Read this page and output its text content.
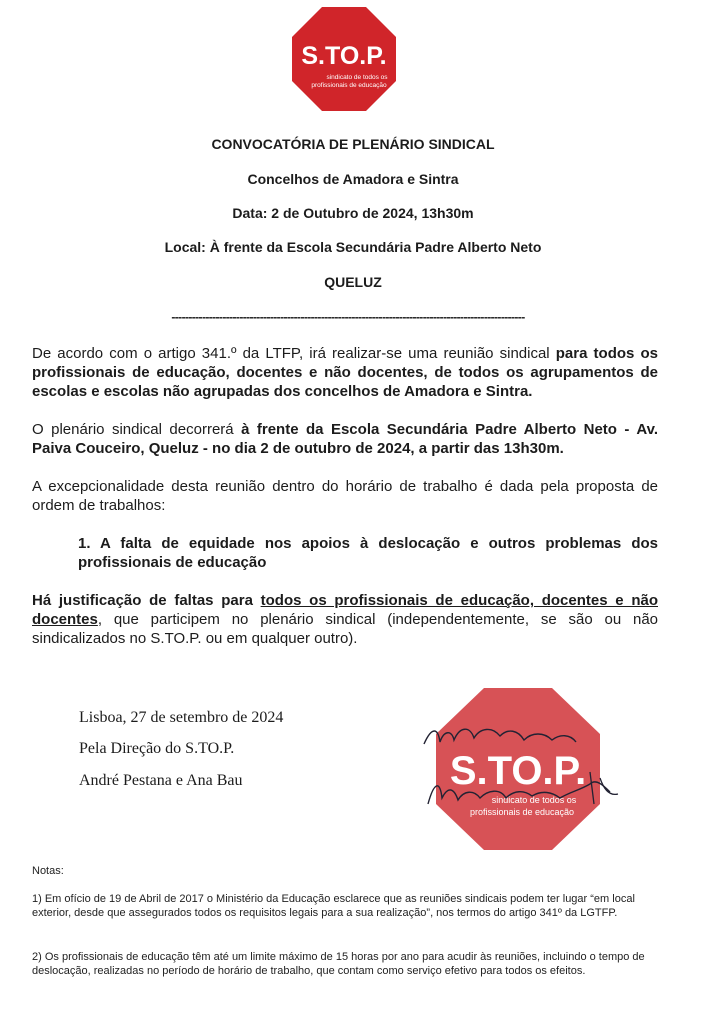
S.TO.P.
sindicato de todos os
profissionais de educação

CONVOCATÓRIA DE PLENÁRIO SINDICAL

Concelhos de Amadora e Sintra

Data: 2 de Outubro de 2024, 13h30m

Local: À frente da Escola Secundária Padre Alberto Neto

QUELUZ

--------------------------------------------------------------------------------------------------------

De acordo com o artigo 341.º da LTFP, irá realizar-se uma reunião sindical para todos os profissionais de educação, docentes e não docentes, de todos os agrupamentos de escolas e escolas não agrupadas dos concelhos de Amadora e Sintra.

O plenário sindical decorrerá à frente da Escola Secundária Padre Alberto Neto - Av. Paiva Couceiro, Queluz - no dia 2 de outubro de 2024, a partir das 13h30m.

A excepcionalidade desta reunião dentro do horário de trabalho é dada pela proposta de ordem de trabalhos:

1. A falta de equidade nos apoios à deslocação e outros problemas dos profissionais de educação

Há justificação de faltas para todos os profissionais de educação, docentes e não docentes, que participem no plenário sindical (independentemente, se são ou não sindicalizados no S.TO.P. ou em qualquer outro).

Lisboa, 27 de setembro de 2024

Pela Direção do S.TO.P.

André Pestana e Ana Bau	S.TO.P.
sindicato de todos os
profissionais de educação

Notas:

1) Em ofício de 19 de Abril de 2017 o Ministério da Educação esclarece que as reuniões sindicais podem ter lugar “em local exterior, desde que assegurados todos os requisitos legais para a sua realização”, nos termos do artigo 341º da LGTFP.

2) Os profissionais de educação têm até um limite máximo de 15 horas por ano para acudir às reuniões, incluindo o tempo de deslocação, realizadas no período de horário de trabalho, que contam como serviço efetivo para todos os efeitos.
